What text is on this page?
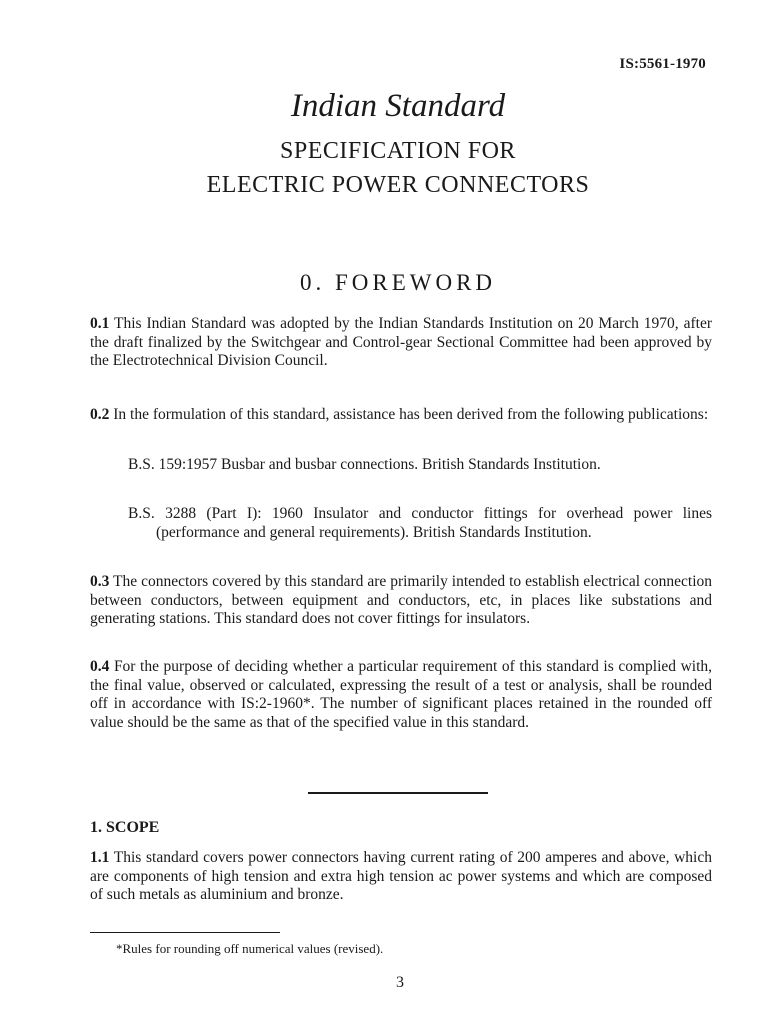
IS:5561-1970
Indian Standard
SPECIFICATION FOR
ELECTRIC POWER CONNECTORS
0. FOREWORD
0.1 This Indian Standard was adopted by the Indian Standards Institution on 20 March 1970, after the draft finalized by the Switchgear and Control-gear Sectional Committee had been approved by the Electrotechnical Division Council.
0.2 In the formulation of this standard, assistance has been derived from the following publications:
B.S. 159:1957 Busbar and busbar connections. British Standards Institution.
B.S. 3288 (Part I): 1960 Insulator and conductor fittings for overhead power lines (performance and general requirements). British Standards Institution.
0.3 The connectors covered by this standard are primarily intended to establish electrical connection between conductors, between equipment and conductors, etc, in places like substations and generating stations. This standard does not cover fittings for insulators.
0.4 For the purpose of deciding whether a particular requirement of this standard is complied with, the final value, observed or calculated, expressing the result of a test or analysis, shall be rounded off in accordance with IS:2-1960*. The number of significant places retained in the rounded off value should be the same as that of the specified value in this standard.
1. SCOPE
1.1 This standard covers power connectors having current rating of 200 amperes and above, which are components of high tension and extra high tension ac power systems and which are composed of such metals as aluminium and bronze.
*Rules for rounding off numerical values (revised).
3
